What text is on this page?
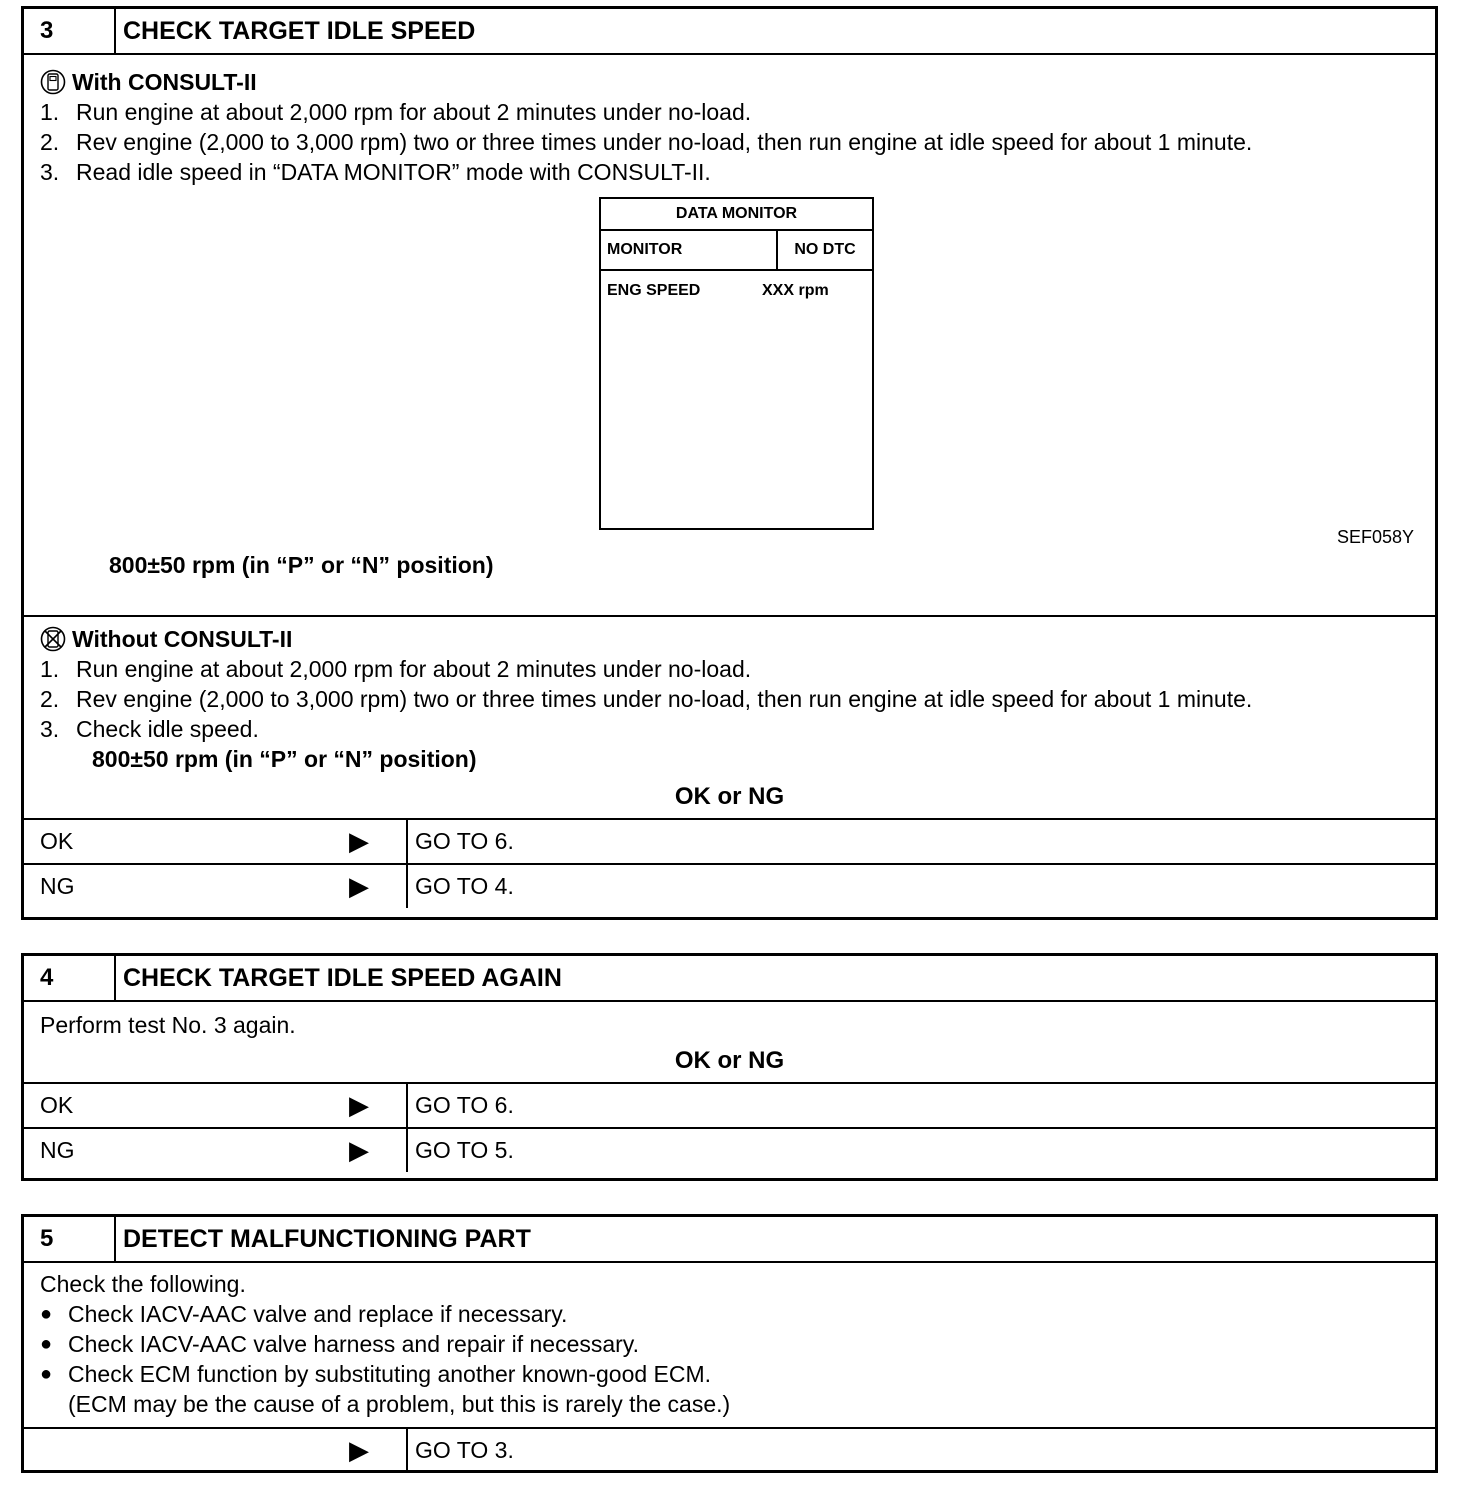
3	CHECK TARGET IDLE SPEED
With CONSULT-II
1. Run engine at about 2,000 rpm for about 2 minutes under no-load.
2. Rev engine (2,000 to 3,000 rpm) two or three times under no-load, then run engine at idle speed for about 1 minute.
3. Read idle speed in “DATA MONITOR” mode with CONSULT-II.
DATA MONITOR
MONITOR	NO DTC
ENG SPEED	XXX rpm
SEF058Y
800±50 rpm (in “P” or “N” position)
Without CONSULT-II
1. Run engine at about 2,000 rpm for about 2 minutes under no-load.
2. Rev engine (2,000 to 3,000 rpm) two or three times under no-load, then run engine at idle speed for about 1 minute.
3. Check idle speed.
800±50 rpm (in “P” or “N” position)
OK or NG
OK	▶	GO TO 6.
NG	▶	GO TO 4.
4	CHECK TARGET IDLE SPEED AGAIN
Perform test No. 3 again.
OK or NG
OK	▶	GO TO 6.
NG	▶	GO TO 5.
5	DETECT MALFUNCTIONING PART
Check the following.
● Check IACV-AAC valve and replace if necessary.
● Check IACV-AAC valve harness and repair if necessary.
● Check ECM function by substituting another known-good ECM.
(ECM may be the cause of a problem, but this is rarely the case.)
▶	GO TO 3.
